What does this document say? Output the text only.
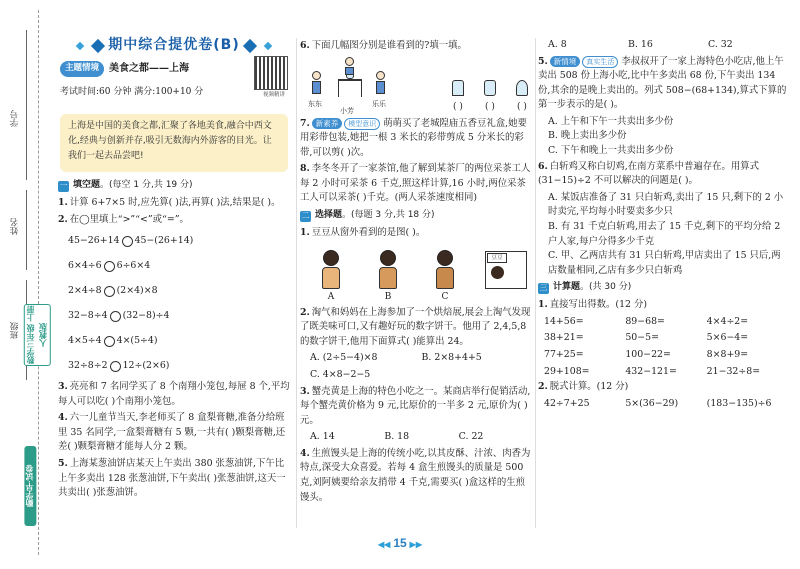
学号
姓名
班级 数学三年级 上册 人教版
勤学早·试卷
期中综合提优卷(B)
主题情境	美食之都——上海
考试时间:60 分钟 满分:100+10 分	视频精讲
上海是中国的美食之都,汇聚了各地美食,融合中西文化,经典与创新并存,吸引无数海内外游客的目光。让我们一起去品尝吧!
一 填空题 。(每空 1 分,共 19 分)
1. 计算 6+7×5 时,应先算( )法,再算( )法,结果是( )。
2. 在◯里填上“>”“<”或“=”。
45−26+14 45−(26+14)
6×4÷6 6÷6×4
2×4÷8 (2×4)×8
32−8÷4 (32−8)÷4
4×5÷4 4×(5÷4)
32÷8÷2 12÷(2×6)
3. 亮亮和 7 名同学买了 8 个南翔小笼包,每屉 8 个,平均每人可以吃( )个南翔小笼包。
4. 六一儿童节当天,李老师买了 8 盒梨膏糖,准备分给班里 35 名同学,一盒梨膏糖有 5 颗,一共有( )颗梨膏糖,还差( )颗梨膏糖才能每人分 2 颗。
5. 上海某葱油饼店某天上午卖出 380 张葱油饼,下午比上午多卖出 128 张葱油饼,下午卖出( )张葱油饼,这天一共卖出( )张葱油饼。
6. 下面几幅图分别是谁看到的?填一填。
东东
小芳
乐乐	( )	( )	( )
7. 新素养 模型意识 萌萌买了老城隍庙五香豆礼盒,她要用彩带包装,她把一根 3 米长的彩带剪成 5 分米长的彩带,可以剪( )次。
8. 李冬冬开了一家茶馆,他了解到某茶厂的两位采茶工人每 2 小时可采茶 6 千克,照这样计算,16 小时,两位采茶工人可以采茶( )千克。(两人采茶速度相同)
二 选择题 。(每题 3 分,共 18 分)
1. 豆豆从窗外看到的是图( )。
A	B	C
豆豆
2. 淘气和妈妈在上海参加了一个烘焙展,展会上淘气发现了既美味可口,又有趣好玩的数字饼干。他用了 2,4,5,8 的数字饼干,他用下面算式( )能算出 24。
A. (2÷5−4)×8	B. 2×8+4+5
C. 4×8−2−5
3. 蟹壳黄是上海的特色小吃之一。某商店举行促销活动,每个蟹壳黄价格为 9 元,比原价的一半多 2 元,原价为( )元。
A. 14	B. 18	C. 22
4. 生煎馒头是上海的传统小吃,以其皮酥、汁浓、肉香为特点,深受大众喜爱。若每 4 盒生煎馒头的质量是 500 克,刘阿姨要给亲友捎带 4 千克,需要买( )盒这样的生煎馒头。
A. 8	B. 16	C. 32
5. 新情境 真实生活 李叔叔开了一家上海特色小吃店,他上午卖出 508 份上海小吃,比中午多卖出 68 份,下午卖出 134 份,其余的是晚上卖出的。列式 508−(68+134),算式下算的第一步表示的是( )。
A. 上午和下午一共卖出多少份
B. 晚上卖出多少份
C. 下午和晚上一共卖出多少份
6. 白斩鸡又称白切鸡,在南方菜系中普遍存在。用算式(31−15)÷2 不可以解决的问题是( )。
A. 某饭店准备了 31 只白斩鸡,卖出了 15 只,剩下的 2 小时卖完,平均每小时要卖多少只
B. 有 31 千克白斩鸡,用去了 15 千克,剩下的平均分给 2 户人家,每户分得多少千克
C. 甲、乙两店共有 31 只白斩鸡,甲店卖出了 15 只后,两店数量相同,乙店有多少只白斩鸡
三 计算题 。(共 30 分)
1. 直接写出得数。(12 分)
14+56=	89−68=	4×4÷2=
38+21=	50−5=	5×6−4=
77+25=	100−22=	8×8+9=
29+108=	432−121=	21−32÷8=
2. 脱式计算。(12 分)
42÷7+25	5×(36−29)	(183−135)÷6
◀◀ 15 ▶▶
